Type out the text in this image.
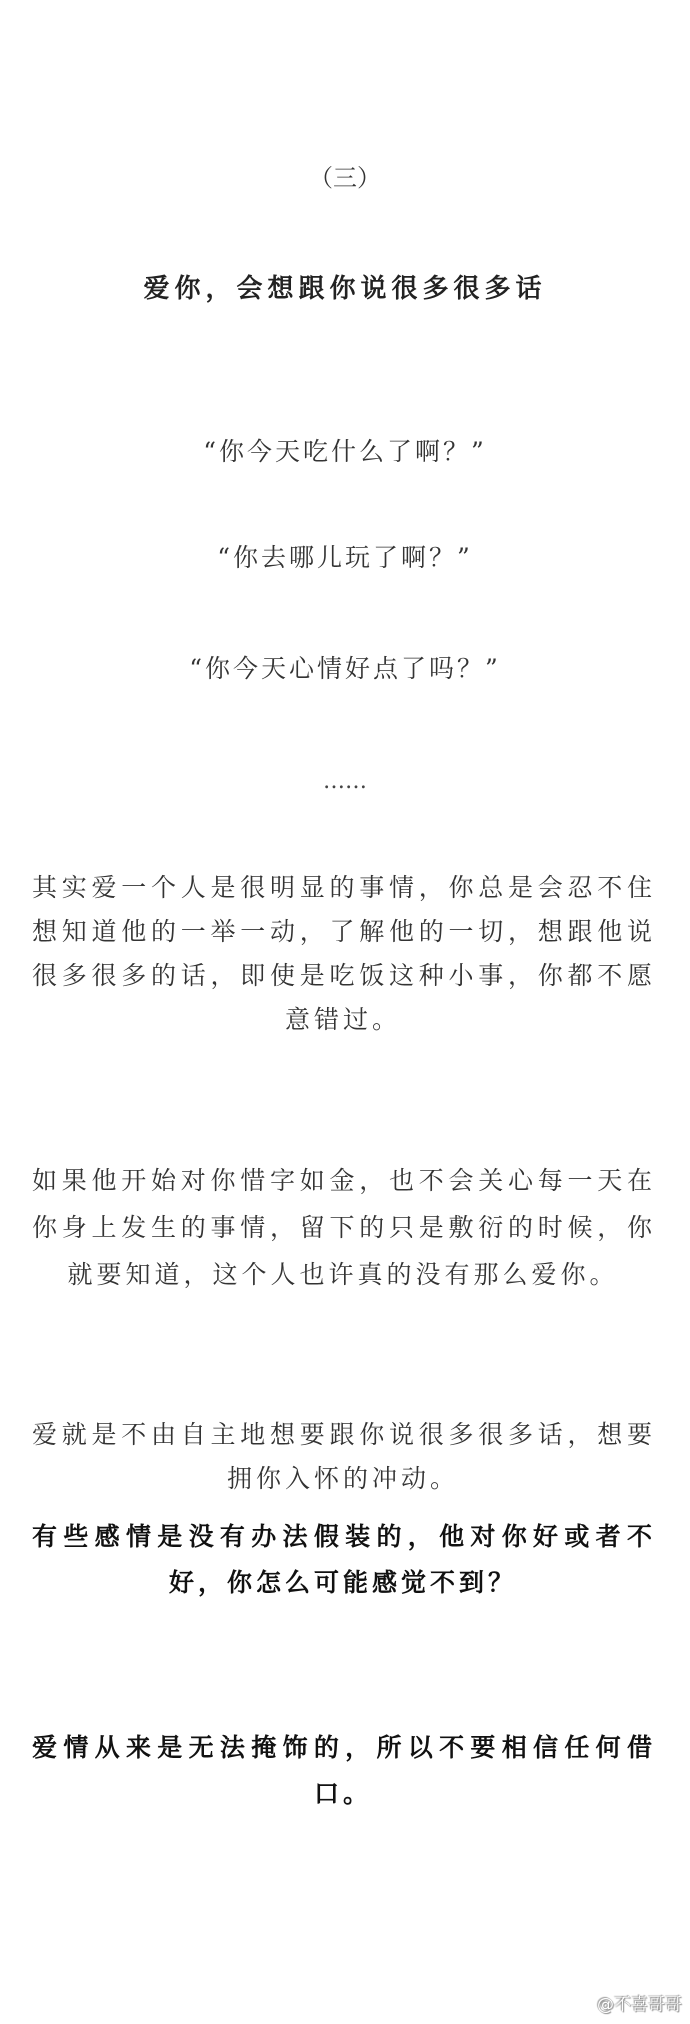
（三）
爱你，会想跟你说很多很多话
“你今天吃什么了啊？”
“你去哪儿玩了啊？”
“你今天心情好点了吗？”
……
其实爱一个人是很明显的事情，你总是会忍不住
想知道他的一举一动，了解他的一切，想跟他说
很多很多的话，即使是吃饭这种小事，你都不愿
意错过。
如果他开始对你惜字如金，也不会关心每一天在
你身上发生的事情，留下的只是敷衍的时候，你
就要知道，这个人也许真的没有那么爱你。
爱就是不由自主地想要跟你说很多很多话，想要
拥你入怀的冲动。
有些感情是没有办法假装的，他对你好或者不
好，你怎么可能感觉不到？
爱情从来是无法掩饰的，所以不要相信任何借
口。
@不喜哥哥
